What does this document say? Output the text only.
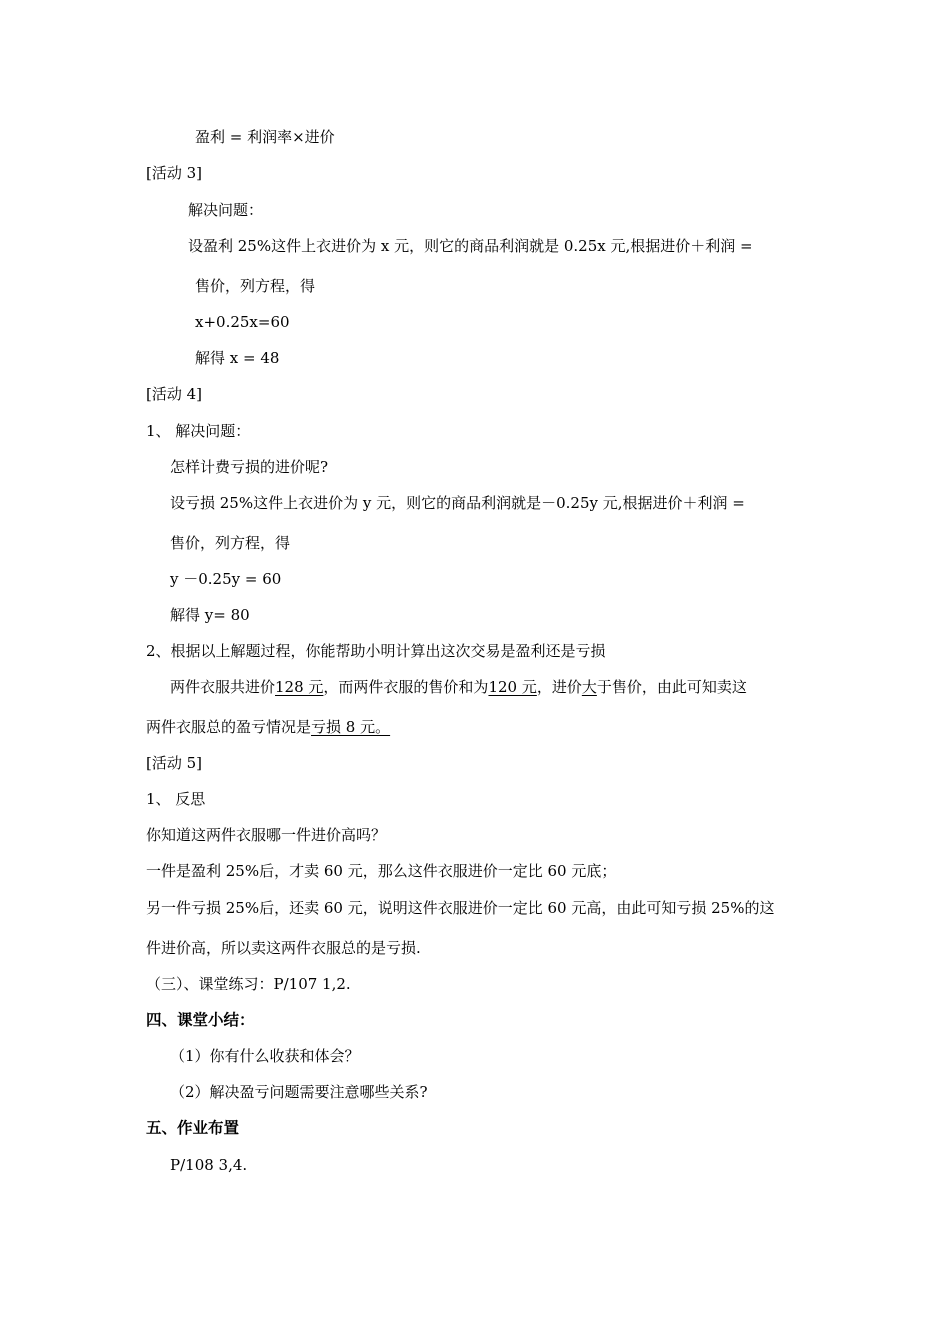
盈利 = 利润率×进价
[活动 3]
解决问题：
设盈利 25%这件上衣进价为 x 元，则它的商品利润就是 0.25x 元,根据进价＋利润 =
售价，列方程，得
x+0.25x=60
解得 x = 48
[活动 4]
1、 解决问题：
怎样计费亏损的进价呢?
设亏损 25%这件上衣进价为 y 元，则它的商品利润就是－0.25y 元,根据进价＋利润 =
售价，列方程，得
y －0.25y = 60
解得 y= 80
2、根据以上解题过程，你能帮助小明计算出这次交易是盈利还是亏损
两件衣服共进价128 元，而两件衣服的售价和为120 元，进价大于售价，由此可知卖这
两件衣服总的盈亏情况是亏损 8 元。
[活动 5]
1、 反思
你知道这两件衣服哪一件进价高吗？
一件是盈利 25%后，才卖 60 元，那么这件衣服进价一定比 60 元底；
另一件亏损 25%后，还卖 60 元，说明这件衣服进价一定比 60 元高，由此可知亏损 25%的这
件进价高，所以卖这两件衣服总的是亏损.
（三）、课堂练习：P/107 1,2.
四、课堂小结：
（1）你有什么收获和体会？
（2）解决盈亏问题需要注意哪些关系?
五、作业布置
P/108 3,4.
